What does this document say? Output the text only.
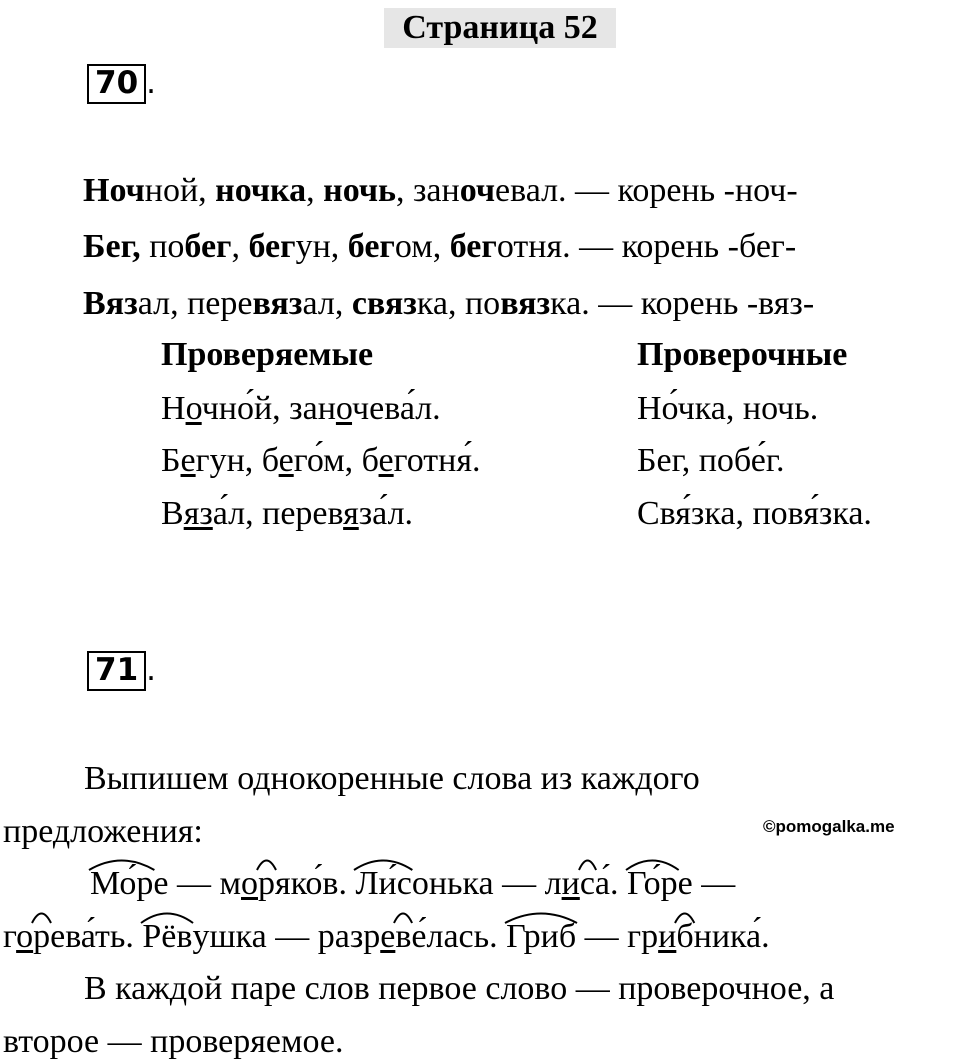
Страница 52
70 .
Ночной, ночка, ночь, заночевал. — корень -ноч-
Бег, побег, бегун, бегом, беготня. — корень -бег-
Вязал, перевязал, связка, повязка. — корень -вяз-
Проверяемые	Проверочные
Ночно́й, заночева́л.
Бегун, бего́м, беготня́.
Вяза́л, перевяза́л.
Но́чка, ночь.
Бег, побе́г.
Свя́зка, повя́зка.
71 .
Выпишем однокоренные слова из каждого
предложения:	©pomogalka.me
Мо́р
е — мор
яко́в. Ли́с
онька — лис
а́. Го́р
е —
гор
ева́ть. Рёв
ушка — разрев
е́лась. Гриб
— гриб
ника́.
В каждой паре слов первое слово — проверочное, а
второе — проверяемое.
